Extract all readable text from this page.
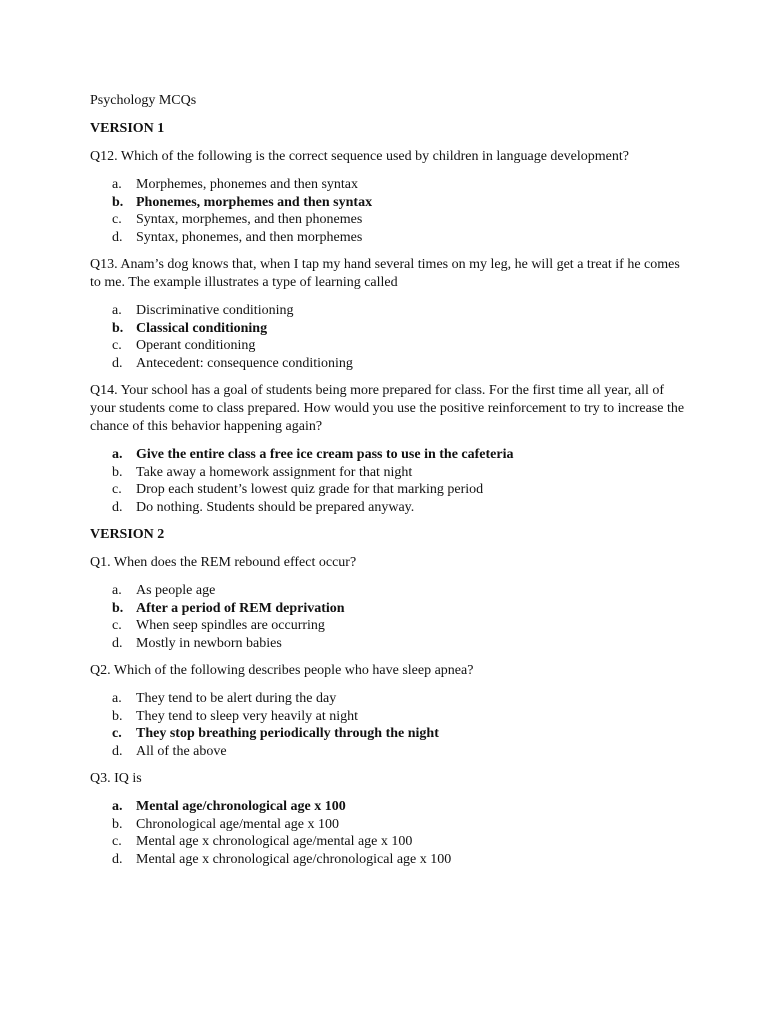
Psychology MCQs
VERSION 1
Q12. Which of the following is the correct sequence used by children in language development?
a. Morphemes, phonemes and then syntax
b. Phonemes, morphemes and then syntax
c. Syntax, morphemes, and then phonemes
d. Syntax, phonemes, and then morphemes
Q13. Anam’s dog knows that, when I tap my hand several times on my leg, he will get a treat if he comes to me. The example illustrates a type of learning called
a. Discriminative conditioning
b. Classical conditioning
c. Operant conditioning
d. Antecedent: consequence conditioning
Q14. Your school has a goal of students being more prepared for class. For the first time all year, all of your students come to class prepared. How would you use the positive reinforcement to try to increase the chance of this behavior happening again?
a. Give the entire class a free ice cream pass to use in the cafeteria
b. Take away a homework assignment for that night
c. Drop each student’s lowest quiz grade for that marking period
d. Do nothing. Students should be prepared anyway.
VERSION 2
Q1. When does the REM rebound effect occur?
a. As people age
b. After a period of REM deprivation
c. When seep spindles are occurring
d. Mostly in newborn babies
Q2. Which of the following describes people who have sleep apnea?
a. They tend to be alert during the day
b. They tend to sleep very heavily at night
c. They stop breathing periodically through the night
d. All of the above
Q3. IQ is
a. Mental age/chronological age x 100
b. Chronological age/mental age x 100
c. Mental age x chronological age/mental age x 100
d. Mental age x chronological age/chronological age x 100
